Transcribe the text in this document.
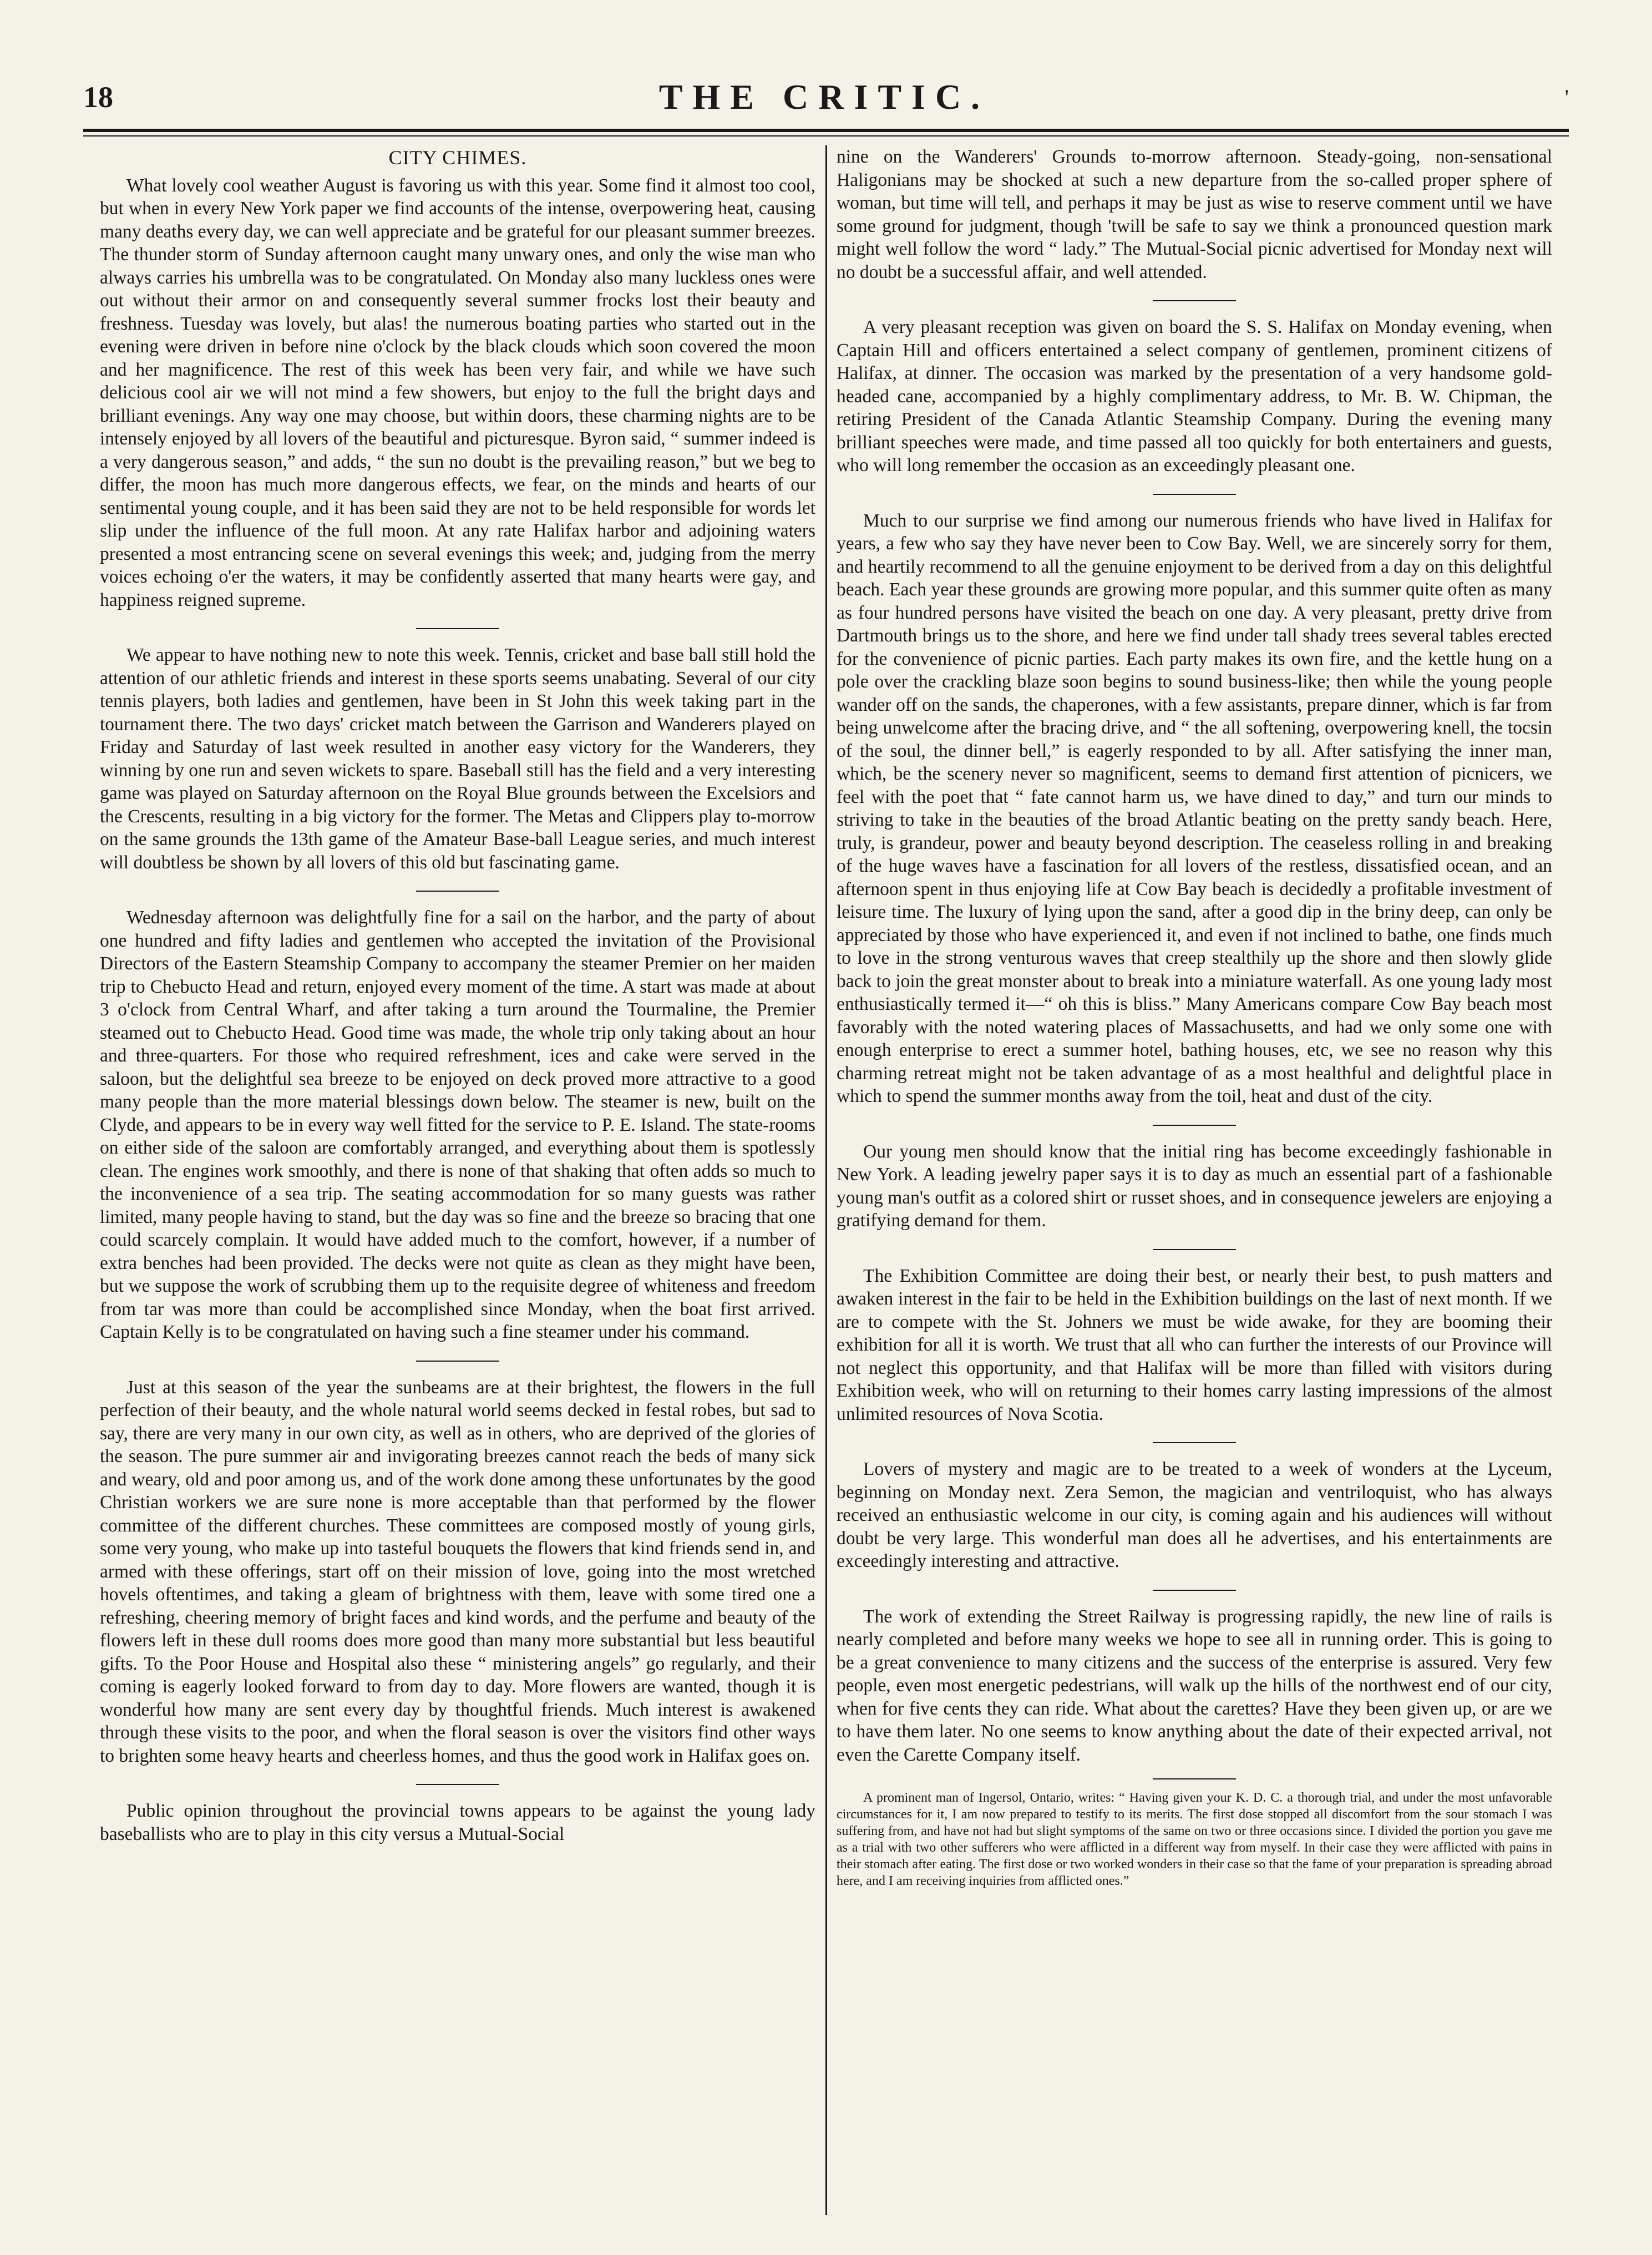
18	THE CRITIC.	'
CITY CHIMES.

What lovely cool weather August is favoring us with this year. Some find it almost too cool, but when in every New York paper we find accounts of the intense, overpowering heat, causing many deaths every day, we can well appreciate and be grateful for our pleasant summer breezes. The thunder storm of Sunday afternoon caught many unwary ones, and only the wise man who always carries his umbrella was to be congratulated. On Monday also many luckless ones were out without their armor on and consequently several summer frocks lost their beauty and freshness. Tuesday was lovely, but alas! the numerous boating parties who started out in the evening were driven in before nine o'clock by the black clouds which soon covered the moon and her magnificence. The rest of this week has been very fair, and while we have such delicious cool air we will not mind a few showers, but enjoy to the full the bright days and brilliant evenings. Any way one may choose, but within doors, these charming nights are to be intensely enjoyed by all lovers of the beautiful and picturesque. Byron said, “ summer indeed is a very dangerous season,” and adds, “ the sun no doubt is the prevailing reason,” but we beg to differ, the moon has much more dangerous effects, we fear, on the minds and hearts of our sentimental young couple, and it has been said they are not to be held responsible for words let slip under the influence of the full moon. At any rate Halifax harbor and adjoining waters presented a most entrancing scene on several evenings this week; and, judging from the merry voices echoing o'er the waters, it may be confidently asserted that many hearts were gay, and happiness reigned supreme.

We appear to have nothing new to note this week. Tennis, cricket and base ball still hold the attention of our athletic friends and interest in these sports seems unabating. Several of our city tennis players, both ladies and gentlemen, have been in St John this week taking part in the tournament there. The two days' cricket match between the Garrison and Wanderers played on Friday and Saturday of last week resulted in another easy victory for the Wanderers, they winning by one run and seven wickets to spare. Baseball still has the field and a very interesting game was played on Saturday afternoon on the Royal Blue grounds between the Excelsiors and the Crescents, resulting in a big victory for the former. The Metas and Clippers play to-morrow on the same grounds the 13th game of the Amateur Base-ball League series, and much interest will doubtless be shown by all lovers of this old but fascinating game.

Wednesday afternoon was delightfully fine for a sail on the harbor, and the party of about one hundred and fifty ladies and gentlemen who accepted the invitation of the Provisional Directors of the Eastern Steamship Company to accompany the steamer Premier on her maiden trip to Chebucto Head and return, enjoyed every moment of the time. A start was made at about 3 o'clock from Central Wharf, and after taking a turn around the Tourmaline, the Premier steamed out to Chebucto Head. Good time was made, the whole trip only taking about an hour and three-quarters. For those who required refreshment, ices and cake were served in the saloon, but the delightful sea breeze to be enjoyed on deck proved more attractive to a good many people than the more material blessings down below. The steamer is new, built on the Clyde, and appears to be in every way well fitted for the service to P. E. Island. The state-rooms on either side of the saloon are comfortably arranged, and everything about them is spotlessly clean. The engines work smoothly, and there is none of that shaking that often adds so much to the inconvenience of a sea trip. The seating accommodation for so many guests was rather limited, many people having to stand, but the day was so fine and the breeze so bracing that one could scarcely complain. It would have added much to the comfort, however, if a number of extra benches had been provided. The decks were not quite as clean as they might have been, but we suppose the work of scrubbing them up to the requisite degree of whiteness and freedom from tar was more than could be accomplished since Monday, when the boat first arrived. Captain Kelly is to be congratulated on having such a fine steamer under his command.

Just at this season of the year the sunbeams are at their brightest, the flowers in the full perfection of their beauty, and the whole natural world seems decked in festal robes, but sad to say, there are very many in our own city, as well as in others, who are deprived of the glories of the season. The pure summer air and invigorating breezes cannot reach the beds of many sick and weary, old and poor among us, and of the work done among these unfortunates by the good Christian workers we are sure none is more acceptable than that performed by the flower committee of the different churches. These committees are composed mostly of young girls, some very young, who make up into tasteful bouquets the flowers that kind friends send in, and armed with these offerings, start off on their mission of love, going into the most wretched hovels oftentimes, and taking a gleam of brightness with them, leave with some tired one a refreshing, cheering memory of bright faces and kind words, and the perfume and beauty of the flowers left in these dull rooms does more good than many more substantial but less beautiful gifts. To the Poor House and Hospital also these “ ministering angels” go regularly, and their coming is eagerly looked forward to from day to day. More flowers are wanted, though it is wonderful how many are sent every day by thoughtful friends. Much interest is awakened through these visits to the poor, and when the floral season is over the visitors find other ways to brighten some heavy hearts and cheerless homes, and thus the good work in Halifax goes on.

Public opinion throughout the provincial towns appears to be against the young lady baseballists who are to play in this city versus a Mutual-Social

nine on the Wanderers' Grounds to-morrow afternoon. Steady-going, non-sensational Haligonians may be shocked at such a new departure from the so-called proper sphere of woman, but time will tell, and perhaps it may be just as wise to reserve comment until we have some ground for judgment, though 'twill be safe to say we think a pronounced question mark might well follow the word “ lady.” The Mutual-Social picnic advertised for Monday next will no doubt be a successful affair, and well attended.

A very pleasant reception was given on board the S. S. Halifax on Monday evening, when Captain Hill and officers entertained a select company of gentlemen, prominent citizens of Halifax, at dinner. The occasion was marked by the presentation of a very handsome gold-headed cane, accompanied by a highly complimentary address, to Mr. B. W. Chipman, the retiring President of the Canada Atlantic Steamship Company. During the evening many brilliant speeches were made, and time passed all too quickly for both entertainers and guests, who will long remember the occasion as an exceedingly pleasant one.

Much to our surprise we find among our numerous friends who have lived in Halifax for years, a few who say they have never been to Cow Bay. Well, we are sincerely sorry for them, and heartily recommend to all the genuine enjoyment to be derived from a day on this delightful beach. Each year these grounds are growing more popular, and this summer quite often as many as four hundred persons have visited the beach on one day. A very pleasant, pretty drive from Dartmouth brings us to the shore, and here we find under tall shady trees several tables erected for the convenience of picnic parties. Each party makes its own fire, and the kettle hung on a pole over the crackling blaze soon begins to sound business-like; then while the young people wander off on the sands, the chaperones, with a few assistants, prepare dinner, which is far from being unwelcome after the bracing drive, and “ the all softening, overpowering knell, the tocsin of the soul, the dinner bell,” is eagerly responded to by all. After satisfying the inner man, which, be the scenery never so magnificent, seems to demand first attention of picnicers, we feel with the poet that “ fate cannot harm us, we have dined to day,” and turn our minds to striving to take in the beauties of the broad Atlantic beating on the pretty sandy beach. Here, truly, is grandeur, power and beauty beyond description. The ceaseless rolling in and breaking of the huge waves have a fascination for all lovers of the restless, dissatisfied ocean, and an afternoon spent in thus enjoying life at Cow Bay beach is decidedly a profitable investment of leisure time. The luxury of lying upon the sand, after a good dip in the briny deep, can only be appreciated by those who have experienced it, and even if not inclined to bathe, one finds much to love in the strong venturous waves that creep stealthily up the shore and then slowly glide back to join the great monster about to break into a miniature waterfall. As one young lady most enthusiastically termed it—“ oh this is bliss.” Many Americans compare Cow Bay beach most favorably with the noted watering places of Massachusetts, and had we only some one with enough enterprise to erect a summer hotel, bathing houses, etc, we see no reason why this charming retreat might not be taken advantage of as a most healthful and delightful place in which to spend the summer months away from the toil, heat and dust of the city.

Our young men should know that the initial ring has become exceedingly fashionable in New York. A leading jewelry paper says it is to day as much an essential part of a fashionable young man's outfit as a colored shirt or russet shoes, and in consequence jewelers are enjoying a gratifying demand for them.

The Exhibition Committee are doing their best, or nearly their best, to push matters and awaken interest in the fair to be held in the Exhibition buildings on the last of next month. If we are to compete with the St. Johners we must be wide awake, for they are booming their exhibition for all it is worth. We trust that all who can further the interests of our Province will not neglect this opportunity, and that Halifax will be more than filled with visitors during Exhibition week, who will on returning to their homes carry lasting impressions of the almost unlimited resources of Nova Scotia.

Lovers of mystery and magic are to be treated to a week of wonders at the Lyceum, beginning on Monday next. Zera Semon, the magician and ventriloquist, who has always received an enthusiastic welcome in our city, is coming again and his audiences will without doubt be very large. This wonderful man does all he advertises, and his entertainments are exceedingly interesting and attractive.

The work of extending the Street Railway is progressing rapidly, the new line of rails is nearly completed and before many weeks we hope to see all in running order. This is going to be a great convenience to many citizens and the success of the enterprise is assured. Very few people, even most energetic pedestrians, will walk up the hills of the northwest end of our city, when for five cents they can ride. What about the carettes? Have they been given up, or are we to have them later. No one seems to know anything about the date of their expected arrival, not even the Carette Company itself.

A prominent man of Ingersol, Ontario, writes: “ Having given your K. D. C. a thorough trial, and under the most unfavorable circumstances for it, I am now prepared to testify to its merits. The first dose stopped all discomfort from the sour stomach I was suffering from, and have not had but slight symptoms of the same on two or three occasions since. I divided the portion you gave me as a trial with two other sufferers who were afflicted in a different way from myself. In their case they were afflicted with pains in their stomach after eating. The first dose or two worked wonders in their case so that the fame of your preparation is spreading abroad here, and I am receiving inquiries from afflicted ones.”
